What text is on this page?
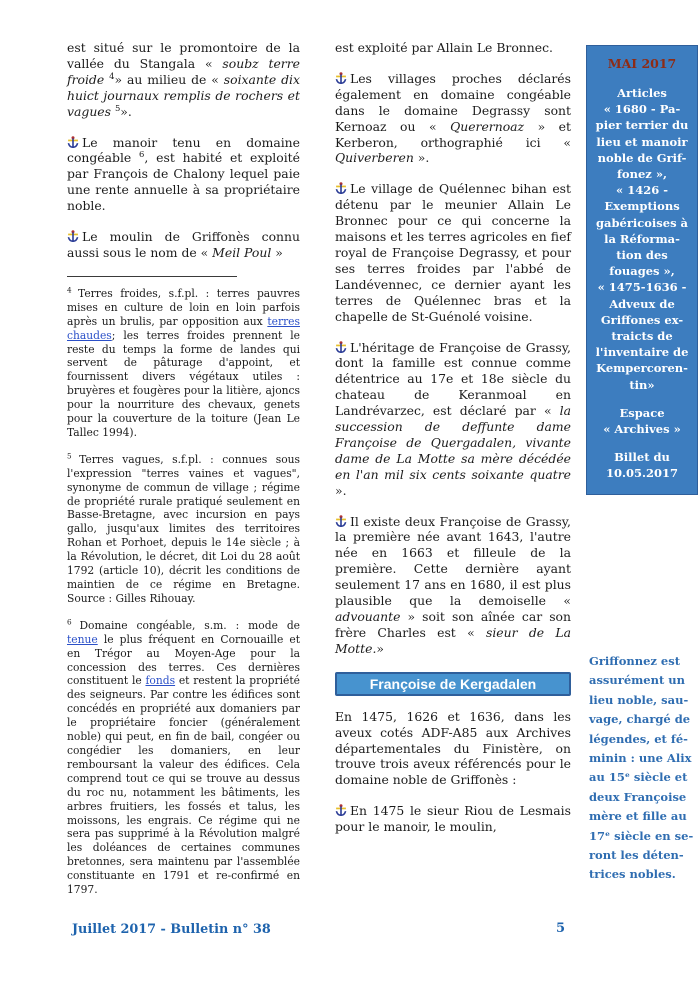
est situé sur le promontoire de la vallée du Stangala « soubz terre froide $^4$» au milieu de « soixante dix huict journaux remplis de rochers et vagues $^5$».

Le manoir tenu en domaine congéable $^6$, est habité et exploité par François de Chalony lequel paie une rente annuelle à sa propriétaire noble.

Le moulin de Griffonès connu aussi sous le nom de « Meil Poul »

$^4$ Terres froides, s.f.pl. : terres pauvres mises en culture de loin en loin parfois après un brulis, par opposition aux terres chaudes; les terres froides prennent le reste du temps la forme de landes qui servent de pâturage d'appoint, et fournissent divers végétaux utiles : bruyères et fougères pour la litière, ajoncs pour la nourriture des chevaux, genets pour la couverture de la toiture (Jean Le Tallec 1994).

$^5$ Terres vagues, s.f.pl. : connues sous l'expression "terres vaines et vagues", synonyme de commun de village ; régime de propriété rurale pratiqué seulement en Basse-Bretagne, avec incursion en pays gallo, jusqu'aux limites des territoires Rohan et Porhoet, depuis le 14e siècle ; à la Révolution, le décret, dit Loi du 28 août 1792 (article 10), décrit les conditions de maintien de ce régime en Bretagne. Source : Gilles Rihouay.

$^6$ Domaine congéable, s.m. : mode de tenue le plus fréquent en Cornouaille et en Trégor au Moyen-Age pour la concession des terres. Ces dernières constituent le fonds et restent la propriété des seigneurs. Par contre les édifices sont concédés en propriété aux domaniers par le propriétaire foncier (généralement noble) qui peut, en fin de bail, congéer ou congédier les domaniers, en leur remboursant la valeur des édifices. Cela comprend tout ce qui se trouve au dessus du roc nu, notamment les bâtiments, les arbres fruitiers, les fossés et talus, les moissons, les engrais. Ce régime qui ne sera pas supprimé à la Révolution malgré les doléances de certaines communes bretonnes, sera maintenu par l'assemblée constituante en 1791 et re-confirmé en 1797.

est exploité par Allain Le Bronnec.

Les villages proches déclarés également en domaine congéable dans le domaine Degrassy sont Kernoaz ou « Querernoaz » et Kerberon, orthographié ici « Quiverberen ».

Le village de Quélennec bihan est détenu par le meunier Allain Le Bronnec pour ce qui concerne la maisons et les terres agricoles en fief royal de Françoise Degrassy, et pour ses terres froides par l'abbé de Landévennec, ce dernier ayant les terres de Quélennec bras et la chapelle de St-Guénolé voisine.

L'héritage de Françoise de Grassy, dont la famille est connue comme détentrice au 17e et 18e siècle du chateau de Keranmoal en Landrévarzec, est déclaré par « la succession de deffunte dame Françoise de Quergadalen, vivante dame de La Motte sa mère décédée en l'an mil six cents soixante quatre ».

Il existe deux Françoise de Grassy, la première née avant 1643, l'autre née en 1663 et filleule de la première. Cette dernière ayant seulement 17 ans en 1680, il est plus plausible que la demoiselle « advouante » soit son aînée car son frère Charles est « sieur de La Motte.»

Françoise de Kergadalen

En 1475, 1626 et 1636, dans les aveux cotés ADF-A85 aux Archives départementales du Finistère, on trouve trois aveux référencés pour le domaine noble de Griffonès :

En 1475 le sieur Riou de Lesmais pour le manoir, le moulin,

MAI 2017
Articles
« 1680 - Pa-
pier terrier du
lieu et manoir
noble de Grif-
fonez »,
« 1426 -
Exemptions
gabéricoises à
la Réforma-
tion des
fouages »,
« 1475-1636 -
Adveux de
Griffones ex-
traicts de
l'inventaire de
Kempercoren-
tin»
Espace
« Archives »
Billet du
10.05.2017
Griffonnez est
assurément un
lieu noble, sau-
vage, chargé de
légendes, et fé-
minin : une Alix
au 15ᵉ siècle et
deux Françoise
mère et fille au
17ᵉ siècle en se-
ront les déten-
trices nobles.
Juillet 2017 - Bulletin n° 38	5
